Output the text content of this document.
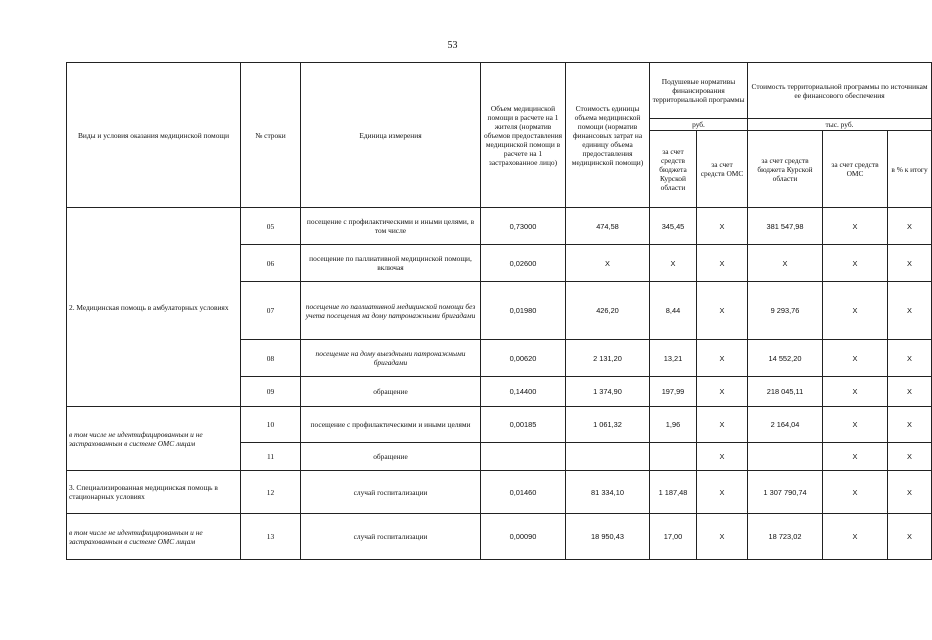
53
Виды и условия оказания медицинской помощи	№ строки	Единица измерения	Объем медицинской помощи в расчете на 1 жителя (норматив объемов предоставления медицинской помощи в расчете на 1 застрахованное лицо)	Стоимость единицы объема медицинской помощи (норматив финансовых затрат на единицу объема предоставления медицинской помощи)	Подушевые нормативы финансирования территориальной программы		Стоимость территориальной программы по источникам ее финансового обеспечения		
					руб.		тыс. руб.		
					за счет средств бюджета Курской области	за счет средств ОМС	за счет средств бюджета Курской области	за счет средств ОМС	в % к итогу
2. Медицинская помощь в амбулаторных условиях	05	посещение с профилактическими и иными целями, в том числе	0,73000	474,58	345,45	X	381 547,98	X	X
	06	посещение по паллиативной медицинской помощи, включая	0,02600	X	X	X	X	X	X
	07	посещение по паллиативной медицинской помощи без учета посещения на дому патронажными бригадами	0,01980	426,20	8,44	X	9 293,76	X	X
	08	посещение на дому выездными патронажными бригадами	0,00620	2 131,20	13,21	X	14 552,20	X	X
	09	обращение	0,14400	1 374,90	197,99	X	218 045,11	X	X
в том числе не идентифицированным и не застрахованным в системе ОМС лицам	10	посещение с профилактическими и иными целями	0,00185	1 061,32	1,96	X	2 164,04	X	X
	11	обращение				X		X	X
3. Специализированная медицинская помощь в стационарных условиях	12	случай госпитализации	0,01460	81 334,10	1 187,48	X	1 307 790,74	X	X
в том числе не идентифицированным и не застрахованным в системе ОМС лицам	13	случай госпитализации	0,00090	18 950,43	17,00	X	18 723,02	X	X
